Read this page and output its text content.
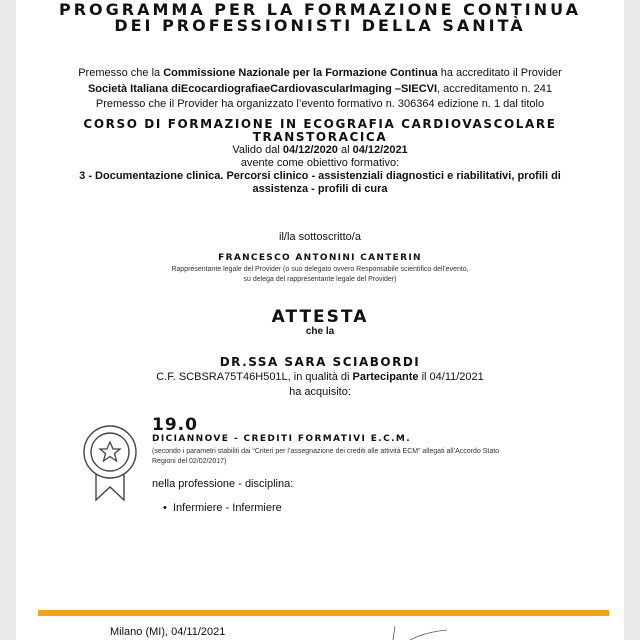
PROGRAMMA PER LA FORMAZIONE CONTINUA
DEI PROFESSIONISTI DELLA SANITÀ
Premesso che la Commissione Nazionale per la Formazione Continua ha accreditato il Provider
Società Italiana diEcocardiografiaeCardiovascularImaging –SIECVI, accreditamento n. 241
Premesso che il Provider ha organizzato l’evento formativo n. 306364 edizione n. 1 dal titolo
CORSO DI FORMAZIONE IN ECOGRAFIA CARDIOVASCOLARE
TRANSTORACICA
Valido dal 04/12/2020 al 04/12/2021
avente come obiettivo formativo:
3 - Documentazione clinica. Percorsi clinico - assistenziali diagnostici e riabilitativi, profili di
assistenza - profili di cura
il/la sottoscritto/a
FRANCESCO ANTONINI CANTERIN
Rappresentante legale del Provider (o suo delegato ovvero Responsabile scientifico dell’evento,
su delega del rappresentante legale del Provider)
ATTESTA
che la
DR.SSA SARA SCIABORDI
C.F. SCBSRA75T46H501L, in qualità di Partecipante il 04/11/2021
ha acquisito:
19.0
DICIANNOVE - CREDITI FORMATIVI E.C.M.
(secondo i parametri stabiliti dai “Criteri per l’assegnazione dei crediti alle attività ECM” allegati all’Accordo Stato
Regioni del 02/02/2017)
nella professione - disciplina:
•  Infermiere - Infermiere
Milano (MI), 04/11/2021
